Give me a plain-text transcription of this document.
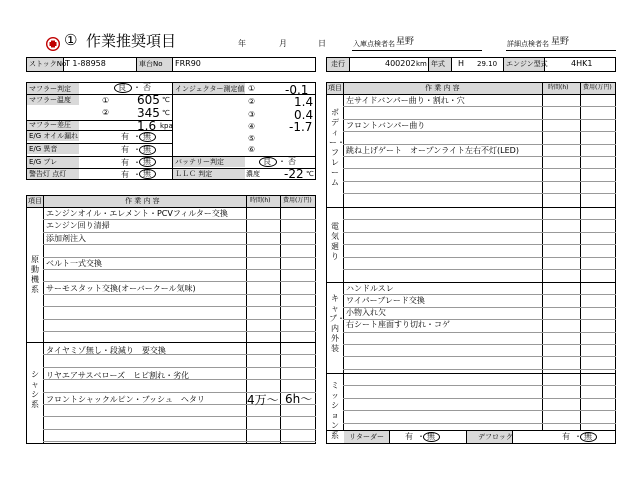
① 作業推奨項目	年	月	日	入庫点検者名 星野	詳細点検者名 星野
ストックNo
T 1-88958	車台No FRR90	走行	400202 km 年式 H 29.10 エンジン型式	4HK1
マフラー判定	良 ・ 否
マフラー温度	① 605 ℃
② 345 ℃
マフラー差圧	1.6 kpa
E/G オイル漏れ	有 ・ 無
E/G 異音	有 ・ 無
E/G ブレ	有 ・ 無
警告灯 点灯	有 ・ 無
インジェクター測定値 ① -0.1
②	1.4
③	0.4
④	-1.7
⑤
⑥
バッテリー判定	良 ・ 否
ＬＬＣ 判定	濃度 -22 ℃
項目	作 業 内 容	時間(h) 費用(万円)
原動機系
シャシ系
エンジンオイル・エレメント・PCVフィルター交換
エンジン回り清掃
添加剤注入
ベルト一式交換
サーモスタット交換(オーバークール気味)
タイヤミゾ無し・段減り　要交換
リヤエアサスベローズ　ヒビ割れ・劣化
フロントシャックルピン・ブッシュ　ヘタリ	4万～ 6h～
項目	作 業 内 容	時間(h) 費用(万円)
ボディー・フレーム
電気廻り
キャブ・内外装
ミッション系
左サイドバンパー曲り・割れ・穴
フロントバンパー曲り
跳ね上げゲート　オープンライト左右不灯(LED)
ハンドルスレ
ワイパーブレード交換
小物入れ欠
右シート座面すり切れ・コゲ
リターダー	有 ・ 無	デフロック	有 ・ 無
